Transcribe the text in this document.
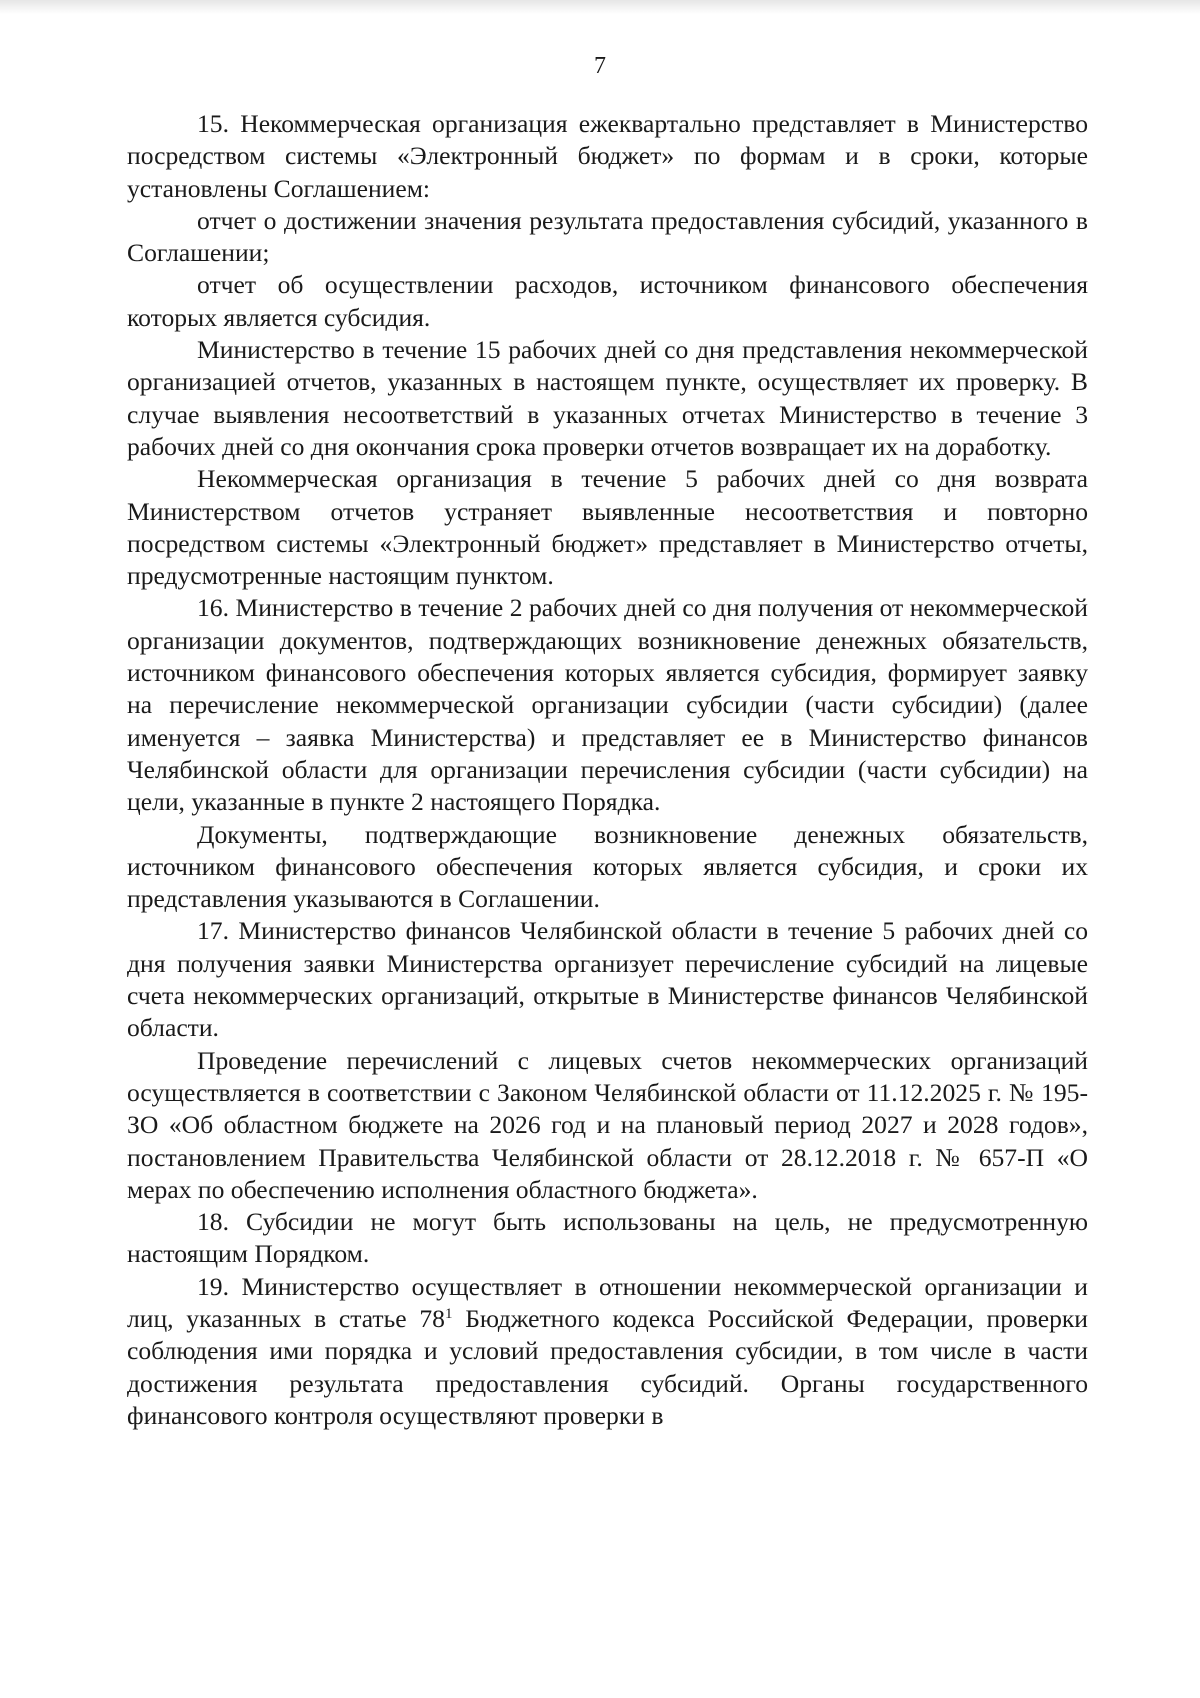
7

15. Некоммерческая организация ежеквартально представляет в Министерство посредством системы «Электронный бюджет» по формам и в сроки, которые установлены Соглашением:

отчет о достижении значения результата предоставления субсидий, указанного в Соглашении;

отчет об осуществлении расходов, источником финансового обеспечения которых является субсидия.

Министерство в течение 15 рабочих дней со дня представления некоммерческой организацией отчетов, указанных в настоящем пункте, осуществляет их проверку. В случае выявления несоответствий в указанных отчетах Министерство в течение 3 рабочих дней со дня окончания срока проверки отчетов возвращает их на доработку.

Некоммерческая организация в течение 5 рабочих дней со дня возврата Министерством отчетов устраняет выявленные несоответствия и повторно посредством системы «Электронный бюджет» представляет в Министерство отчеты, предусмотренные настоящим пунктом.

16. Министерство в течение 2 рабочих дней со дня получения от некоммерческой организации документов, подтверждающих возникновение денежных обязательств, источником финансового обеспечения которых является субсидия, формирует заявку на перечисление некоммерческой организации субсидии (части субсидии) (далее именуется – заявка Министерства) и представляет ее в Министерство финансов Челябинской области для организации перечисления субсидии (части субсидии) на цели, указанные в пункте 2 настоящего Порядка.

Документы, подтверждающие возникновение денежных обязательств, источником финансового обеспечения которых является субсидия, и сроки их представления указываются в Соглашении.

17. Министерство финансов Челябинской области в течение 5 рабочих дней со дня получения заявки Министерства организует перечисление субсидий на лицевые счета некоммерческих организаций, открытые в Министерстве финансов Челябинской области.

Проведение перечислений с лицевых счетов некоммерческих организаций осуществляется в соответствии с Законом Челябинской области от 11.12.2025 г. № 195-ЗО «Об областном бюджете на 2026 год и на плановый период 2027 и 2028 годов», постановлением Правительства Челябинской области от 28.12.2018 г. № 657-П «О мерах по обеспечению исполнения областного бюджета».

18. Субсидии не могут быть использованы на цель, не предусмотренную настоящим Порядком.

19. Министерство осуществляет в отношении некоммерческой организации и лиц, указанных в статье $78^1$ Бюджетного кодекса Российской Федерации, проверки соблюдения ими порядка и условий предоставления субсидии, в том числе в части достижения результата предоставления субсидий. Органы государственного финансового контроля осуществляют проверки в
